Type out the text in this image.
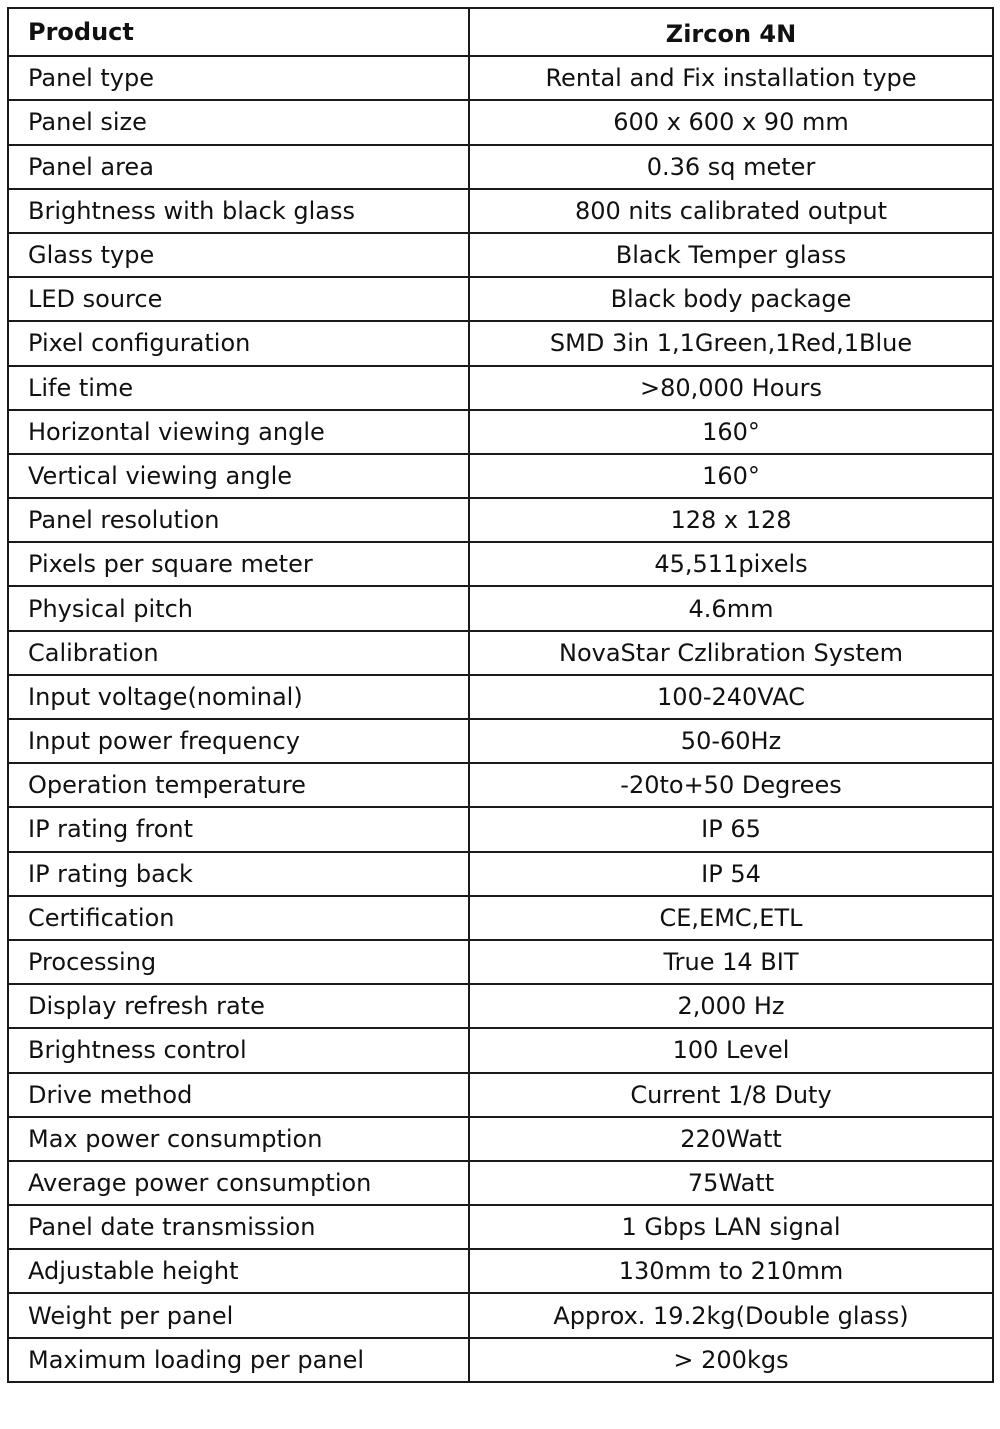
Product	Zircon 4N
Panel type	Rental and Fix installation type
Panel size	600 x 600 x 90 mm
Panel area	0.36 sq meter
Brightness with black glass	800 nits calibrated output
Glass type	Black Temper glass
LED source	Black body package
Pixel configuration	SMD 3in 1,1Green,1Red,1Blue
Life time	>80,000 Hours
Horizontal viewing angle	160°
Vertical viewing angle	160°
Panel resolution	128 x 128
Pixels per square meter	45,511pixels
Physical pitch	4.6mm
Calibration	NovaStar Czlibration System
Input voltage(nominal)	100-240VAC
Input power frequency	50-60Hz
Operation temperature	-20to+50 Degrees
IP rating front	IP 65
IP rating back	IP 54
Certification	CE,EMC,ETL
Processing	True 14 BIT
Display refresh rate	2,000 Hz
Brightness control	100 Level
Drive method	Current 1/8 Duty
Max power consumption	220Watt
Average power consumption	75Watt
Panel date transmission	1 Gbps LAN signal
Adjustable height	130mm to 210mm
Weight per panel	Approx. 19.2kg(Double glass)
Maximum loading per panel	> 200kgs
